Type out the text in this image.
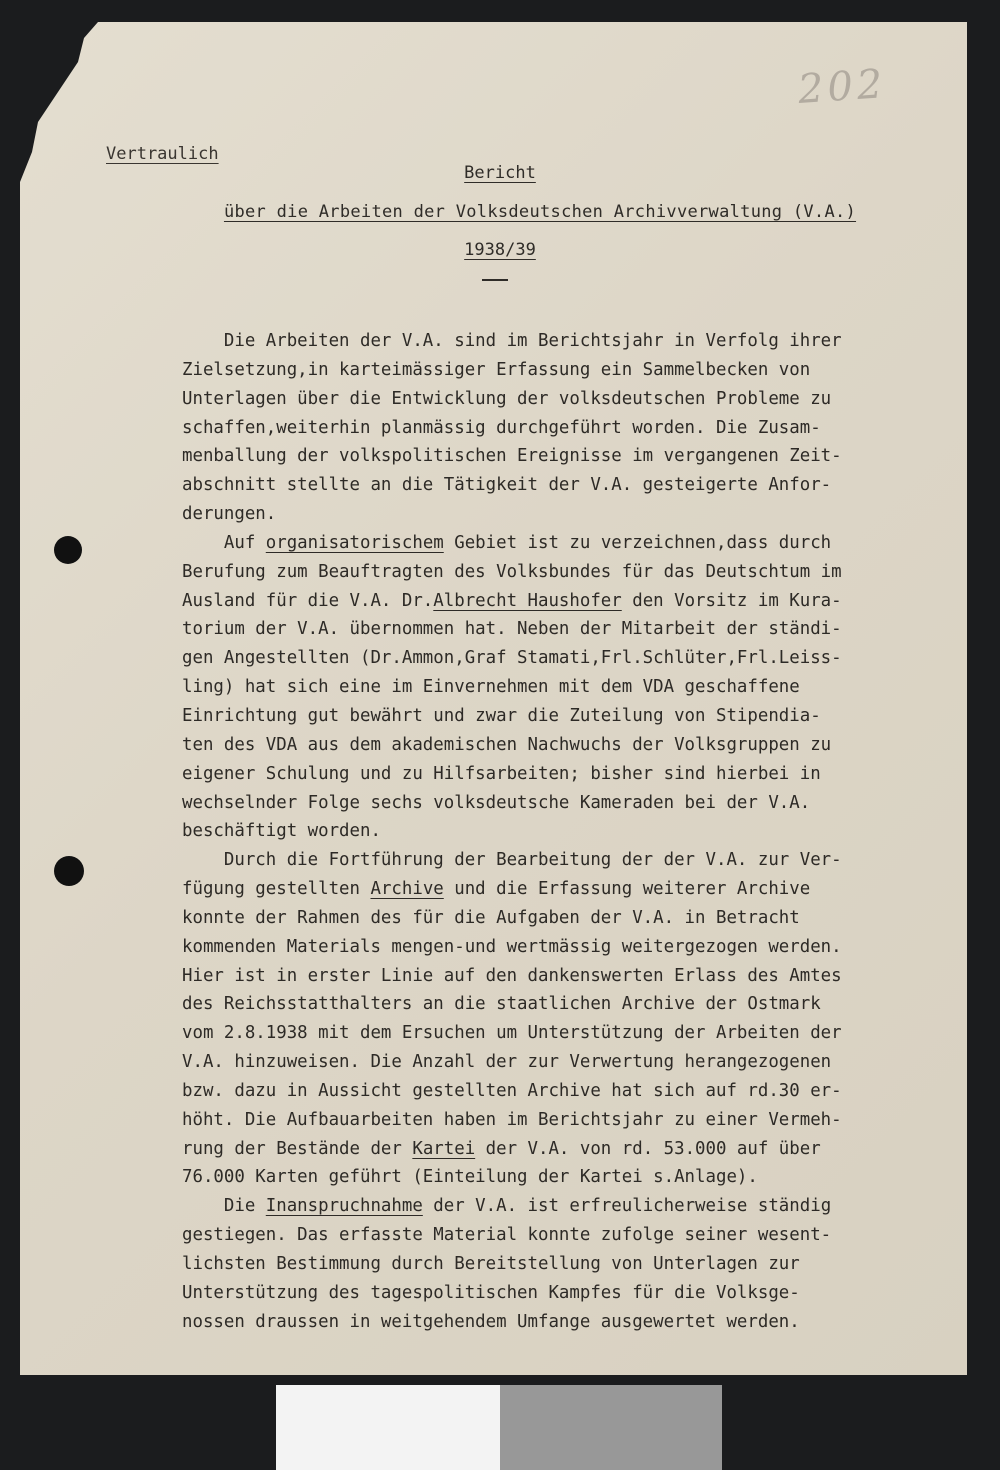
202
Vertraulich
Bericht
über die Arbeiten der Volksdeutschen Archivverwaltung (V.A.)
1938/39
Die Arbeiten der V.A. sind im Berichtsjahr in Verfolg ihrer
Zielsetzung,in karteimässiger Erfassung ein Sammelbecken von
Unterlagen über die Entwicklung der volksdeutschen Probleme zu
schaffen,weiterhin planmässig durchgeführt worden. Die Zusam-
menballung der volkspolitischen Ereignisse im vergangenen Zeit-
abschnitt stellte an die Tätigkeit der V.A. gesteigerte Anfor-
derungen.
Auf organisatorischem Gebiet ist zu verzeichnen,dass durch
Berufung zum Beauftragten des Volksbundes für das Deutschtum im
Ausland für die V.A. Dr.Albrecht Haushofer den Vorsitz im Kura-
torium der V.A. übernommen hat. Neben der Mitarbeit der ständi-
gen Angestellten (Dr.Ammon,Graf Stamati,Frl.Schlüter,Frl.Leiss-
ling) hat sich eine im Einvernehmen mit dem VDA geschaffene
Einrichtung gut bewährt und zwar die Zuteilung von Stipendia-
ten des VDA aus dem akademischen Nachwuchs der Volksgruppen zu
eigener Schulung und zu Hilfsarbeiten; bisher sind hierbei in
wechselnder Folge sechs volksdeutsche Kameraden bei der V.A.
beschäftigt worden.
Durch die Fortführung der Bearbeitung der der V.A. zur Ver-
fügung gestellten Archive und die Erfassung weiterer Archive
konnte der Rahmen des für die Aufgaben der V.A. in Betracht
kommenden Materials mengen-und wertmässig weitergezogen werden.
Hier ist in erster Linie auf den dankenswerten Erlass des Amtes
des Reichsstatthalters an die staatlichen Archive der Ostmark
vom 2.8.1938 mit dem Ersuchen um Unterstützung der Arbeiten der
V.A. hinzuweisen. Die Anzahl der zur Verwertung herangezogenen
bzw. dazu in Aussicht gestellten Archive hat sich auf rd.30 er-
höht. Die Aufbauarbeiten haben im Berichtsjahr zu einer Vermeh-
rung der Bestände der Kartei der V.A. von rd. 53.000 auf über
76.000 Karten geführt (Einteilung der Kartei s.Anlage).
Die Inanspruchnahme der V.A. ist erfreulicherweise ständig
gestiegen. Das erfasste Material konnte zufolge seiner wesent-
lichsten Bestimmung durch Bereitstellung von Unterlagen zur
Unterstützung des tagespolitischen Kampfes für die Volksge-
nossen draussen in weitgehendem Umfange ausgewertet werden.
